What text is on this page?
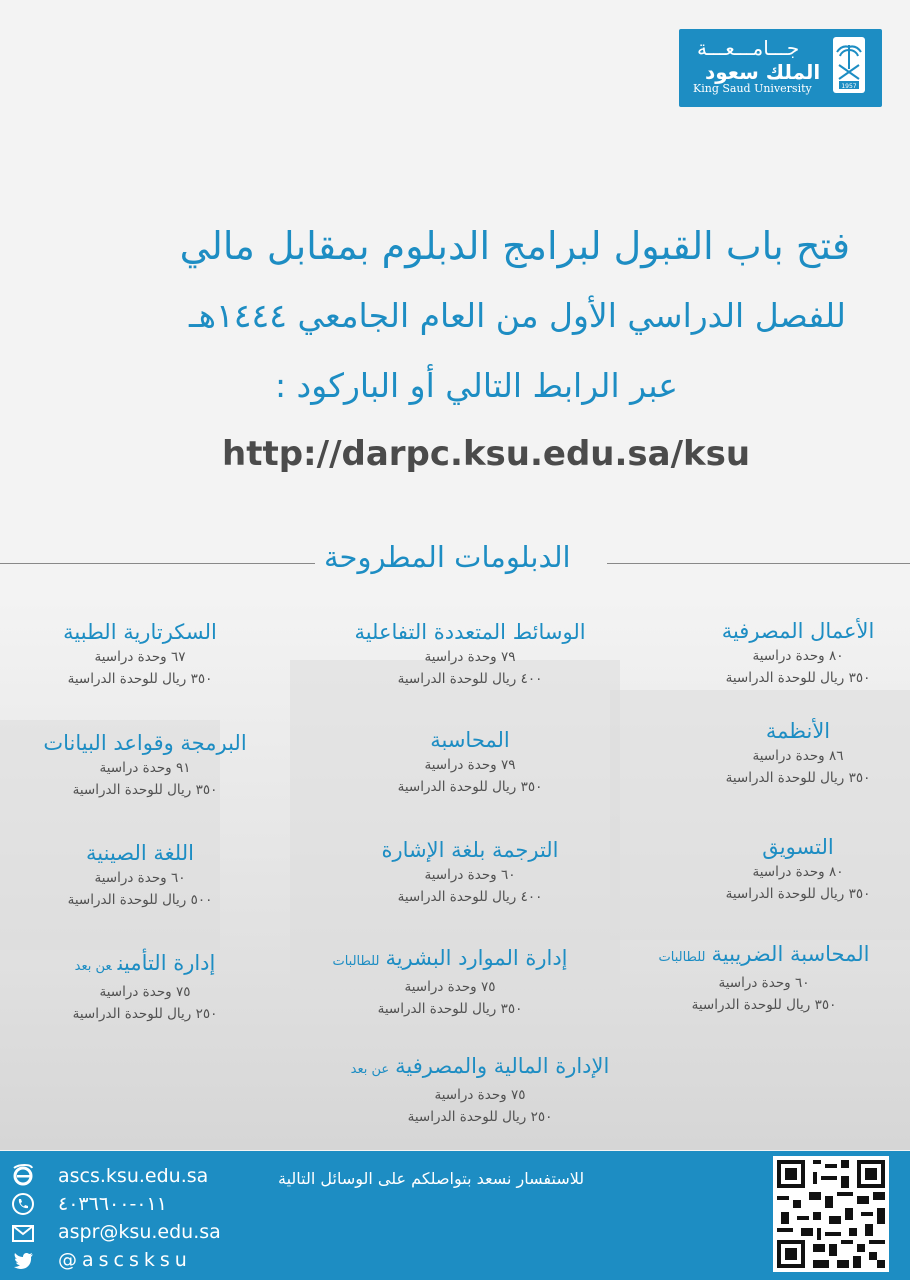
جـــامـــعـــة
الملك سعود
King Saud University	1957
فتح باب القبول لبرامج الدبلوم بمقابل مالي
للفصل الدراسي الأول من العام الجامعي ١٤٤٤هـ
عبر الرابط التالي أو الباركود :
http://darpc.ksu.edu.sa/ksu
الدبلومات المطروحة
الأعمال المصرفية
٨٠ وحدة دراسية
٣٥٠ ريال للوحدة الدراسية
الأنظمة
٨٦ وحدة دراسية
٣٥٠ ريال للوحدة الدراسية
التسويق
٨٠ وحدة دراسية
٣٥٠ ريال للوحدة الدراسية
المحاسبة الضريبيةللطالبات
٦٠ وحدة دراسية
٣٥٠ ريال للوحدة الدراسية
الوسائط المتعددة التفاعلية
٧٩ وحدة دراسية
٤٠٠ ريال للوحدة الدراسية
المحاسبة
٧٩ وحدة دراسية
٣٥٠ ريال للوحدة الدراسية
الترجمة بلغة الإشارة
٦٠ وحدة دراسية
٤٠٠ ريال للوحدة الدراسية
إدارة الموارد البشريةللطالبات
٧٥ وحدة دراسية
٣٥٠ ريال للوحدة الدراسية
الإدارة المالية والمصرفيةعن بعد
٧٥ وحدة دراسية
٢٥٠ ريال للوحدة الدراسية
السكرتارية الطبية
٦٧ وحدة دراسية
٣٥٠ ريال للوحدة الدراسية
البرمجة وقواعد البيانات
٩١ وحدة دراسية
٣٥٠ ريال للوحدة الدراسية
اللغة الصينية
٦٠ وحدة دراسية
٥٠٠ ريال للوحدة الدراسية
إدارة التأمينعن بعد
٧٥ وحدة دراسية
٢٥٠ ريال للوحدة الدراسية
ascs.ksu.edu.sa
٠١١-٤٠٣٦٦٠٠
aspr@ksu.edu.sa
@ascsksu
للاستفسار نسعد بتواصلكم على الوسائل التالية
